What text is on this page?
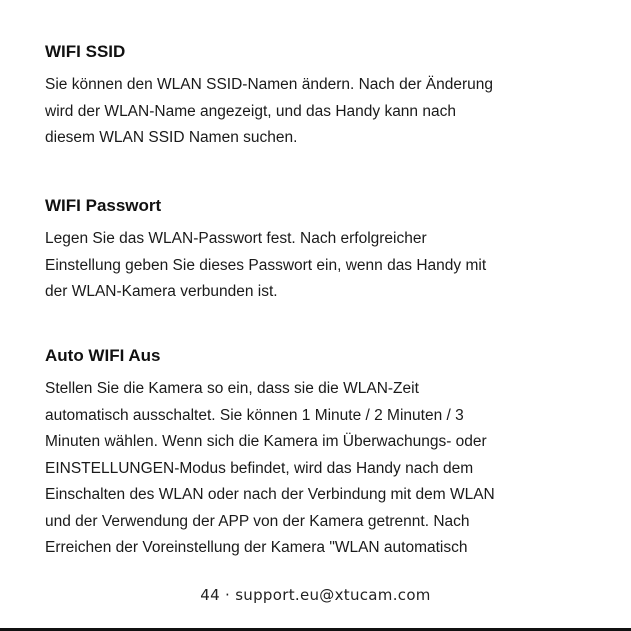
WIFI SSID

Sie können den WLAN SSID-Namen ändern. Nach der Änderung
wird der WLAN-Name angezeigt, und das Handy kann nach
diesem WLAN SSID Namen suchen.

WIFI Passwort

Legen Sie das WLAN-Passwort fest. Nach erfolgreicher
Einstellung geben Sie dieses Passwort ein, wenn das Handy mit
der WLAN-Kamera verbunden ist.

Auto WIFI Aus

Stellen Sie die Kamera so ein, dass sie die WLAN-Zeit
automatisch ausschaltet. Sie können 1 Minute / 2 Minuten / 3
Minuten wählen. Wenn sich die Kamera im Überwachungs- oder
EINSTELLUNGEN-Modus befindet, wird das Handy nach dem
Einschalten des WLAN oder nach der Verbindung mit dem WLAN
und der Verwendung der APP von der Kamera getrennt. Nach
Erreichen der Voreinstellung der Kamera "WLAN automatisch

44 · support.eu@xtucam.com
